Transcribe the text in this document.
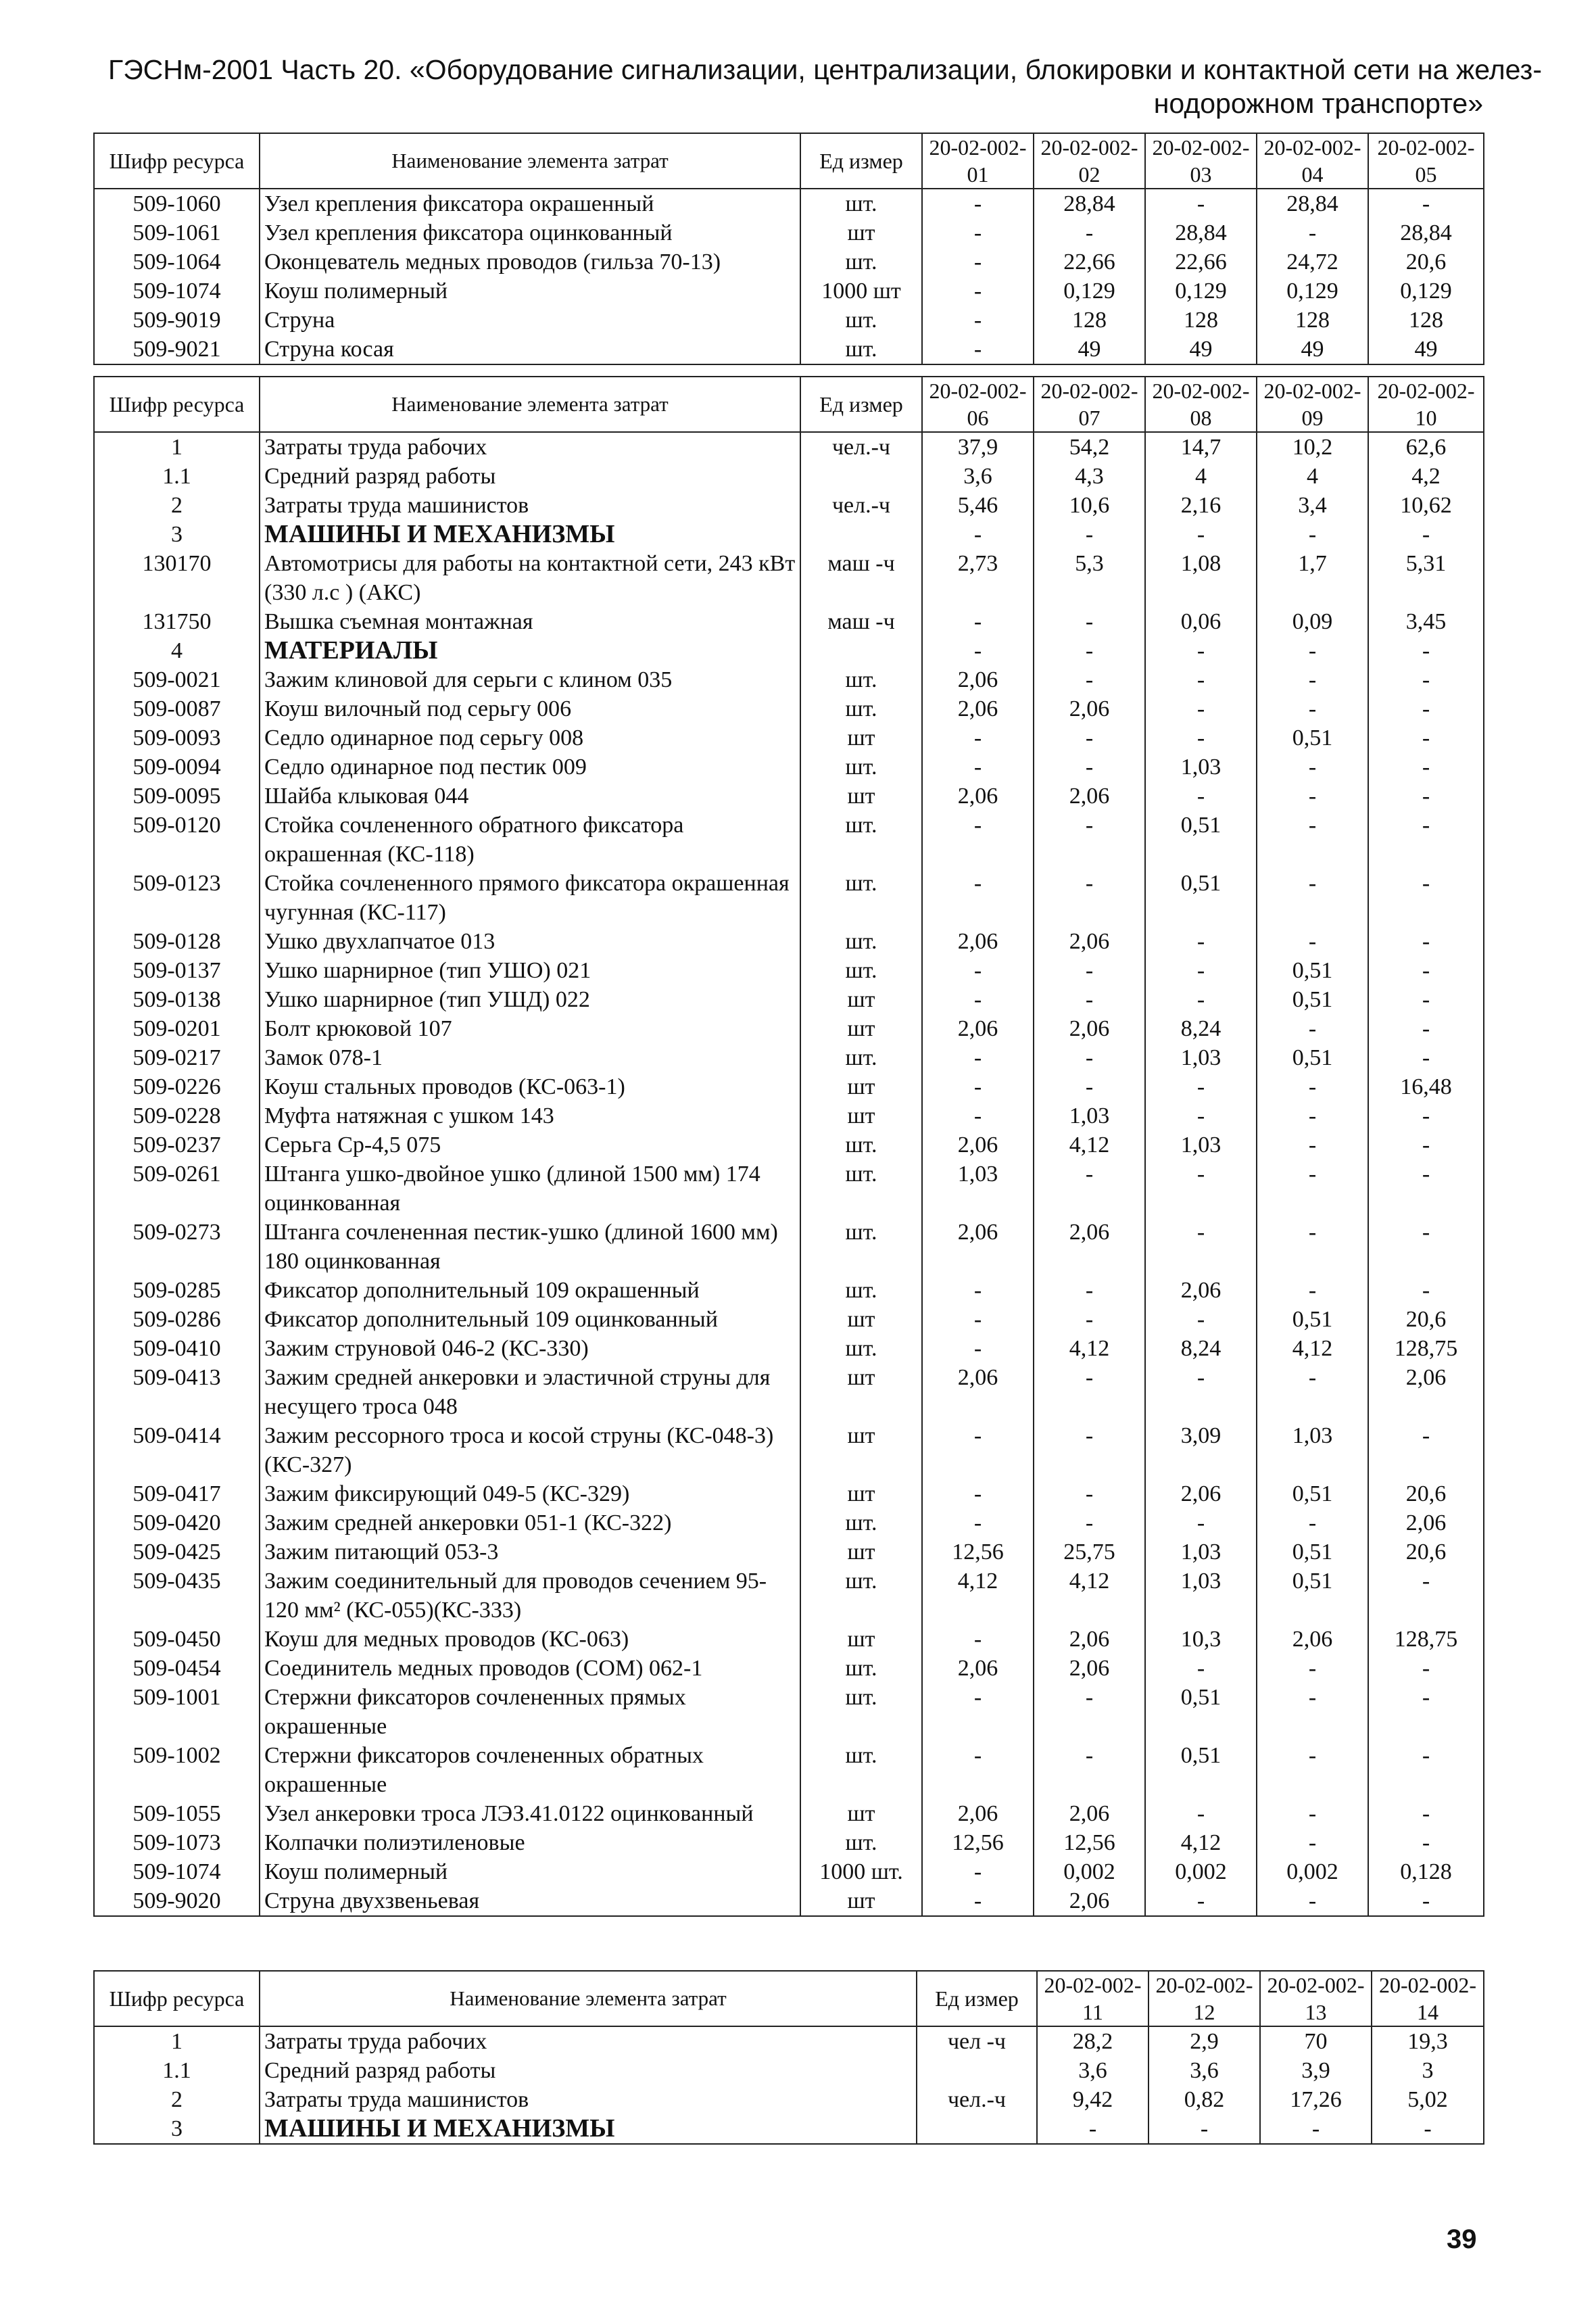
ГЭСНм-2001 Часть 20. «Оборудование сигнализации, централизации, блокировки и контактной сети на желез-
нодорожном транспорте»
Шифр ресурса	Наименование элемента затрат	Ед измер	20-02-002-01	20-02-002-02	20-02-002-03	20-02-002-04	20-02-002-05
509-1060	Узел крепления фиксатора окрашенный	шт.	-	28,84	-	28,84	-
509-1061	Узел крепления фиксатора оцинкованный	шт	-	-	28,84	-	28,84
509-1064	Оконцеватель медных проводов (гильза 70-13)	шт.	-	22,66	22,66	24,72	20,6
509-1074	Коуш полимерный	1000 шт	-	0,129	0,129	0,129	0,129
509-9019	Струна	шт.	-	128	128	128	128
509-9021	Струна косая	шт.	-	49	49	49	49
Шифр ресурса	Наименование элемента затрат	Ед измер	20-02-002-06	20-02-002-07	20-02-002-08	20-02-002-09	20-02-002-10
1	Затраты труда рабочих	чел.-ч	37,9	54,2	14,7	10,2	62,6
1.1	Средний разряд работы		3,6	4,3	4	4	4,2
2	Затраты труда машинистов	чел.-ч	5,46	10,6	2,16	3,4	10,62
3	МАШИНЫ И МЕХАНИЗМЫ		-	-	-	-	-
130170	Автомотрисы для работы на контактной сети, 243 кВт (330 л.с ) (АКС)	маш -ч	2,73	5,3	1,08	1,7	5,31
131750	Вышка съемная монтажная	маш -ч	-	-	0,06	0,09	3,45
4	МАТЕРИАЛЫ		-	-	-	-	-
509-0021	Зажим клиновой для серьги с клином 035	шт.	2,06	-	-	-	-
509-0087	Коуш вилочный под серьгу 006	шт.	2,06	2,06	-	-	-
509-0093	Седло одинарное под серьгу 008	шт	-	-	-	0,51	-
509-0094	Седло одинарное под пестик 009	шт.	-	-	1,03	-	-
509-0095	Шайба клыковая 044	шт	2,06	2,06	-	-	-
509-0120	Стойка сочлененного обратного фиксатора окрашенная (КС-118)	шт.	-	-	0,51	-	-
509-0123	Стойка сочлененного прямого фиксатора окрашенная чугунная (КС-117)	шт.	-	-	0,51	-	-
509-0128	Ушко двухлапчатое 013	шт.	2,06	2,06	-	-	-
509-0137	Ушко шарнирное (тип УШО) 021	шт.	-	-	-	0,51	-
509-0138	Ушко шарнирное (тип УШД) 022	шт	-	-	-	0,51	-
509-0201	Болт крюковой 107	шт	2,06	2,06	8,24	-	-
509-0217	Замок 078-1	шт.	-	-	1,03	0,51	-
509-0226	Коуш стальных проводов (КС-063-1)	шт	-	-	-	-	16,48
509-0228	Муфта натяжная с ушком 143	шт	-	1,03	-	-	-
509-0237	Серьга Ср-4,5 075	шт.	2,06	4,12	1,03	-	-
509-0261	Штанга ушко-двойное ушко (длиной 1500 мм) 174 оцинкованная	шт.	1,03	-	-	-	-
509-0273	Штанга сочлененная пестик-ушко (длиной 1600 мм) 180 оцинкованная	шт.	2,06	2,06	-	-	-
509-0285	Фиксатор дополнительный 109 окрашенный	шт.	-	-	2,06	-	-
509-0286	Фиксатор дополнительный 109 оцинкованный	шт	-	-	-	0,51	20,6
509-0410	Зажим струновой 046-2 (КС-330)	шт.	-	4,12	8,24	4,12	128,75
509-0413	Зажим средней анкеровки и эластичной струны для несущего троса 048	шт	2,06	-	-	-	2,06
509-0414	Зажим рессорного троса и косой струны (КС-048-3) (КС-327)	шт	-	-	3,09	1,03	-
509-0417	Зажим фиксирующий 049-5 (КС-329)	шт	-	-	2,06	0,51	20,6
509-0420	Зажим средней анкеровки 051-1 (КС-322)	шт.	-	-	-	-	2,06
509-0425	Зажим питающий 053-3	шт	12,56	25,75	1,03	0,51	20,6
509-0435	Зажим соединительный для проводов сечением 95-120 мм² (КС-055)(КС-333)	шт.	4,12	4,12	1,03	0,51	-
509-0450	Коуш для медных проводов (КС-063)	шт	-	2,06	10,3	2,06	128,75
509-0454	Соединитель медных проводов (СОМ) 062-1	шт.	2,06	2,06	-	-	-
509-1001	Стержни фиксаторов сочлененных прямых окрашенные	шт.	-	-	0,51	-	-
509-1002	Стержни фиксаторов сочлененных обратных окрашенные	шт.	-	-	0,51	-	-
509-1055	Узел анкеровки троса ЛЭЗ.41.0122 оцинкованный	шт	2,06	2,06	-	-	-
509-1073	Колпачки полиэтиленовые	шт.	12,56	12,56	4,12	-	-
509-1074	Коуш полимерный	1000 шт.	-	0,002	0,002	0,002	0,128
509-9020	Струна двухзвеньевая	шт	-	2,06	-	-	-
Шифр ресурса	Наименование элемента затрат	Ед измер	20-02-002-11	20-02-002-12	20-02-002-13	20-02-002-14
1	Затраты труда рабочих	чел -ч	28,2	2,9	70	19,3
1.1	Средний разряд работы		3,6	3,6	3,9	3
2	Затраты труда машинистов	чел.-ч	9,42	0,82	17,26	5,02
3	МАШИНЫ И МЕХАНИЗМЫ		-	-	-	-
39
